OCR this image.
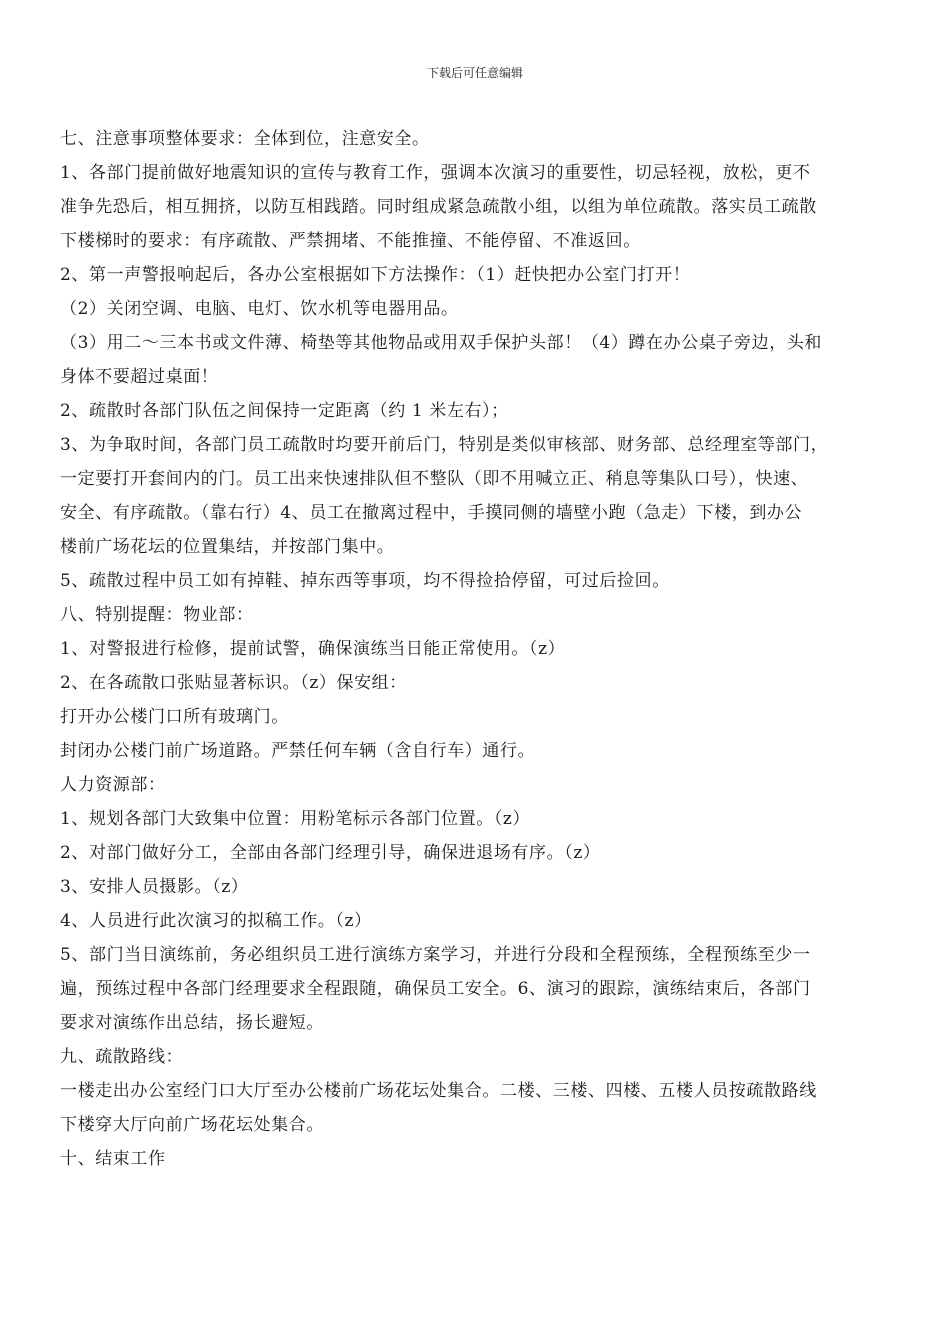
下载后可任意编辑
七、注意事项整体要求：全体到位，注意安全。
1、各部门提前做好地震知识的宣传与教育工作，强调本次演习的重要性，切忌轻视，放松，更不
准争先恐后，相互拥挤，以防互相践踏。同时组成紧急疏散小组，以组为单位疏散。落实员工疏散
下楼梯时的要求：有序疏散、严禁拥堵、不能推撞、不能停留、不准返回。
2、第一声警报响起后，各办公室根据如下方法操作：（1）赶快把办公室门打开！
（2）关闭空调、电脑、电灯、饮水机等电器用品。
（3）用二～三本书或文件薄、椅垫等其他物品或用双手保护头部！（4）蹲在办公桌子旁边，头和
身体不要超过桌面！
2、疏散时各部门队伍之间保持一定距离（约 1 米左右）；
3、为争取时间，各部门员工疏散时均要开前后门，特别是类似审核部、财务部、总经理室等部门，
一定要打开套间内的门。员工出来快速排队但不整队（即不用喊立正、稍息等集队口号），快速、
安全、有序疏散。（靠右行）4、员工在撤离过程中，手摸同侧的墙壁小跑（急走）下楼，到办公
楼前广场花坛的位置集结，并按部门集中。
5、疏散过程中员工如有掉鞋、掉东西等事项，均不得捡拾停留，可过后捡回。
八、特别提醒：物业部：
1、对警报进行检修，提前试警，确保演练当日能正常使用。（z）
2、在各疏散口张贴显著标识。（z）保安组：
打开办公楼门口所有玻璃门。
封闭办公楼门前广场道路。严禁任何车辆（含自行车）通行。
人力资源部：
1、规划各部门大致集中位置：用粉笔标示各部门位置。（z）
2、对部门做好分工，全部由各部门经理引导，确保进退场有序。（z）
3、安排人员摄影。（z）
4、人员进行此次演习的拟稿工作。（z）
5、部门当日演练前，务必组织员工进行演练方案学习，并进行分段和全程预练，全程预练至少一
遍，预练过程中各部门经理要求全程跟随，确保员工安全。6、演习的跟踪，演练结束后，各部门
要求对演练作出总结，扬长避短。
九、疏散路线：
一楼走出办公室经门口大厅至办公楼前广场花坛处集合。二楼、三楼、四楼、五楼人员按疏散路线
下楼穿大厅向前广场花坛处集合。
十、结束工作
